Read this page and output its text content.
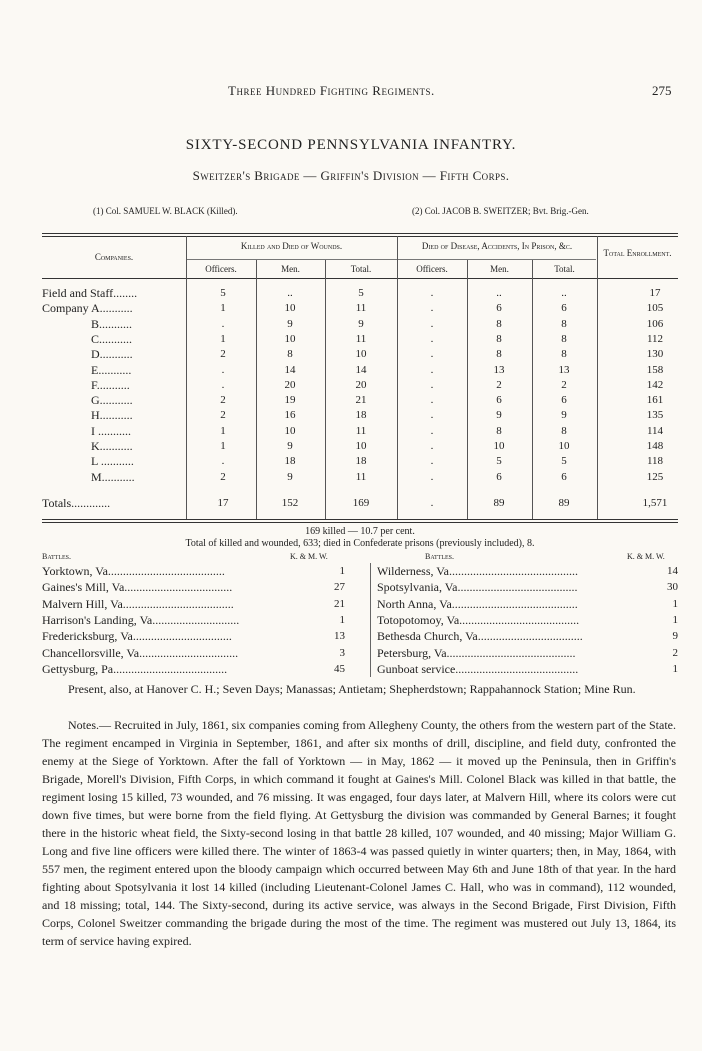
Three Hundred Fighting Regiments.	275
SIXTY-SECOND PENNSYLVANIA INFANTRY.
Sweitzer's Brigade — Griffin's Division — Fifth Corps.
(1) Col. SAMUEL W. BLACK (Killed).	(2) Col. JACOB B. SWEITZER; Bvt. Brig.-Gen.
Companies.
Killed and Died of Wounds.	Died of Disease, Accidents, In Prison, &c.
Total Enrollment.
Officers.	Men.	Total.	Officers.	Men.	Total.
Field and Staff........	5	..	5	.	..	..	17
Company A...........	1	10	11	.	6	6	105
B...........	.	9	9	.	8	8	106
C...........	1	10	11	.	8	8	112
D...........	2	8	10	.	8	8	130
E...........	.	14	14	.	13	13	158
F...........	.	20	20	.	2	2	142
G...........	2	19	21	.	6	6	161
H...........	2	16	18	.	9	9	135
I ...........	1	10	11	.	8	8	114
K...........	1	9	10	.	10	10	148
L ...........	.	18	18	.	5	5	118
M...........	2	9	11	.	6	6	125
Totals.............	17	152	169	.	89	89	1,571
169 killed — 10.7 per cent.
Total of killed and wounded, 633; died in Confederate prisons (previously included), 8.
Battles.	K. & M. W.	Battles.	K. & M. W.
Yorktown, Va.......................................	1
Gaines's Mill, Va....................................	27
Malvern Hill, Va.....................................	21
Harrison's Landing, Va.............................	1
Fredericksburg, Va.................................	13
Chancellorsville, Va.................................	3
Gettysburg, Pa......................................	45
Wilderness, Va...........................................	14
Spotsylvania, Va........................................	30
North Anna, Va..........................................	1
Totopotomoy, Va........................................	1
Bethesda Church, Va...................................	9
Petersburg, Va...........................................	2
Gunboat service.........................................	1

Present, also, at Hanover C. H.; Seven Days; Manassas; Antietam; Shepherdstown; Rappahannock Station; Mine Run.

Notes.— Recruited in July, 1861, six companies coming from Allegheny County, the others from the western part of the State. The regiment encamped in Virginia in September, 1861, and after six months of drill, discipline, and field duty, confronted the enemy at the Siege of Yorktown. After the fall of Yorktown — in May, 1862 — it moved up the Peninsula, then in Griffin's Brigade, Morell's Division, Fifth Corps, in which command it fought at Gaines's Mill. Colonel Black was killed in that battle, the regiment losing 15 killed, 73 wounded, and 76 missing. It was engaged, four days later, at Malvern Hill, where its colors were cut down five times, but were borne from the field flying. At Gettysburg the division was commanded by General Barnes; it fought there in the historic wheat field, the Sixty-second losing in that battle 28 killed, 107 wounded, and 40 missing; Major William G. Long and five line officers were killed there. The winter of 1863-4 was passed quietly in winter quarters; then, in May, 1864, with 557 men, the regiment entered upon the bloody campaign which occurred between May 6th and June 18th of that year. In the hard fighting about Spotsylvania it lost 14 killed (including Lieutenant-Colonel James C. Hall, who was in command), 112 wounded, and 18 missing; total, 144. The Sixty-second, during its active service, was always in the Second Brigade, First Division, Fifth Corps, Colonel Sweitzer commanding the brigade during the most of the time. The regiment was mustered out July 13, 1864, its term of service having expired.
